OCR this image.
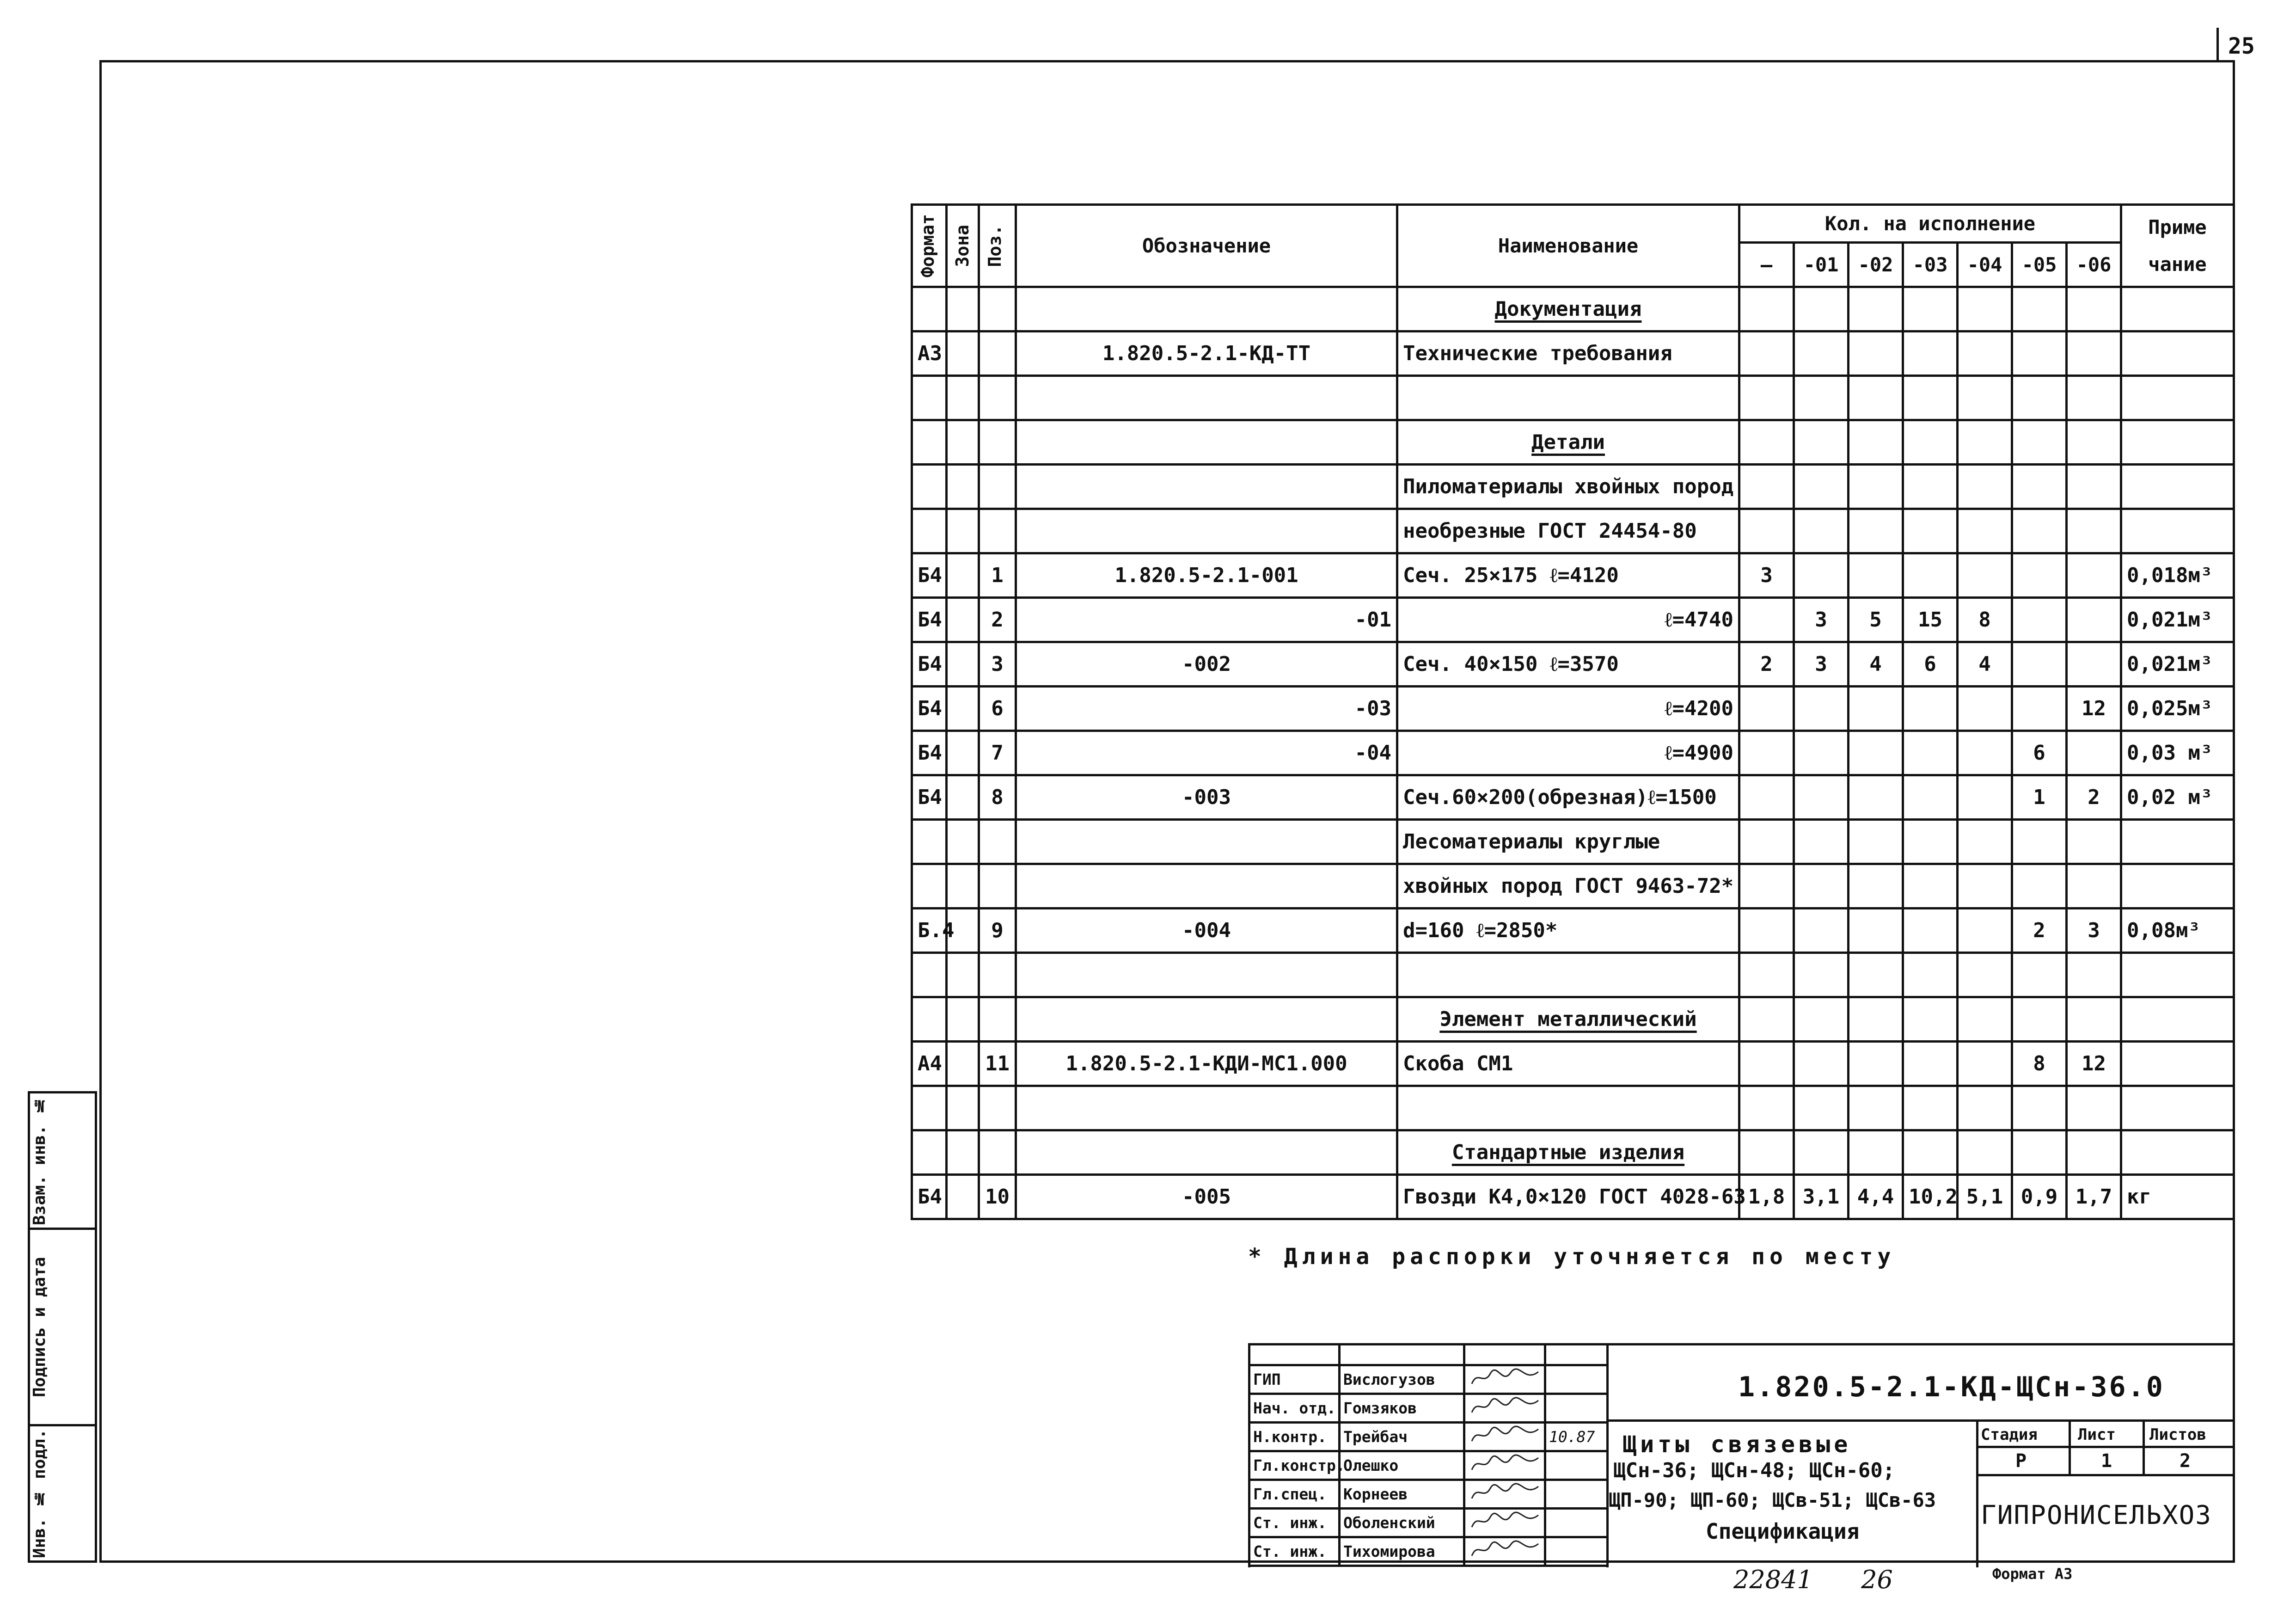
25
Взам. инв. №
Подпись и дата
Инв. № подл.
Формат	Зона	Поз.	Обозначение	Наименование	Кол. на исполнение							Приме чание
					—	-01	-02	-03	-04	-05	-06	
				Документация								
А3			1.820.5-2.1-КД-ТТ	Технические требования								

				Детали								
				Пиломатериалы хвойных пород								
				необрезные ГОСТ 24454-80								
Б4		1	1.820.5-2.1-001	Сеч. 25×175 ℓ=4120	3							0,018м³
Б4		2	-01	ℓ=4740		3	5	15	8			0,021м³
Б4		3	-002	Сеч. 40×150 ℓ=3570	2	3	4	6	4			0,021м³
Б4		6	-03	ℓ=4200							12	0,025м³
Б4		7	-04	ℓ=4900						6		0,03 м³
Б4		8	-003	Сеч.60×200(обрезная)ℓ=1500						1	2	0,02 м³
				Лесоматериалы круглые								
				хвойных пород ГОСТ 9463-72*								
Б.4		9	-004	d=160 ℓ=2850*						2	3	0,08м³

				Элемент металлический								
А4		11	1.820.5-2.1-КДИ-МС1.000	Скоба СМ1						8	12	

				Стандартные изделия								
Б4		10	-005	Гвозди К4,0×120 ГОСТ 4028-63	1,8	3,1	4,4	10,2	5,1	0,9	1,7	кг
* Длина распорки уточняется по месту

ГИП	Вислогузов		
Нач. отд.	Гомзяков		
Н.контр.	Трейбач		10.87
Гл.констр.	Олешко		
Гл.спец.	Корнеев		
Ст. инж.	Оболенский		
Ст. инж.	Тихомирова		
1.820.5-2.1-КД-ЩСн-36.0
Щиты связевые
ЩСн-36; ЩСн-48; ЩСн-60;
ЩП-90; ЩП-60; ЩСв-51; ЩСв-63
Спецификация
Стадия	Лист Листов
Р	1	2
ГИПРОНИСЕЛЬХОЗ
22841 26	Формат А3
